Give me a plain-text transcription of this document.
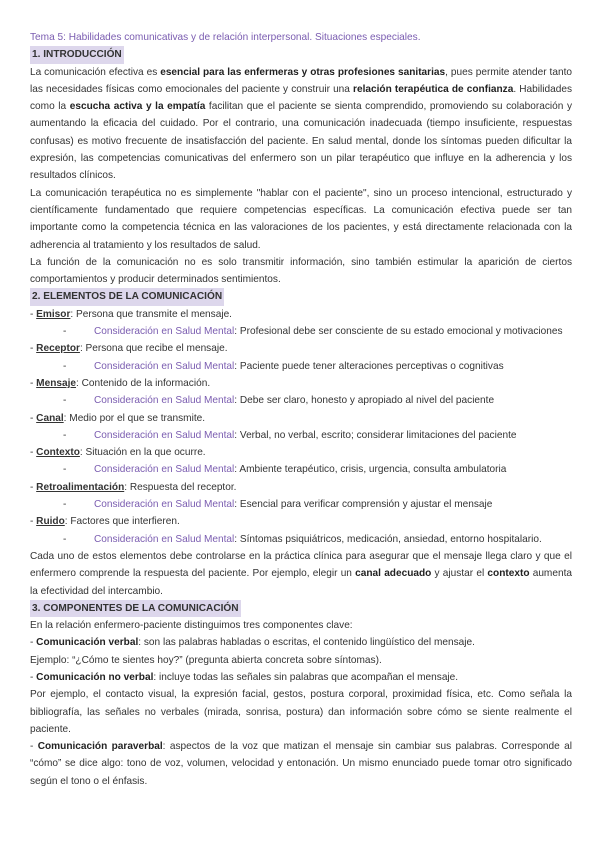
Tema 5: Habilidades comunicativas y de relación interpersonal. Situaciones especiales.
1. INTRODUCCIÓN

La comunicación efectiva es esencial para las enfermeras y otras profesiones sanitarias, pues permite atender tanto las necesidades físicas como emocionales del paciente y construir una relación terapéutica de confianza. Habilidades como la escucha activa y la empatía facilitan que el paciente se sienta comprendido, promoviendo su colaboración y aumentando la eficacia del cuidado. Por el contrario, una comunicación inadecuada (tiempo insuficiente, respuestas confusas) es motivo frecuente de insatisfacción del paciente. En salud mental, donde los síntomas pueden dificultar la expresión, las competencias comunicativas del enfermero son un pilar terapéutico que influye en la adherencia y los resultados clínicos.

La comunicación terapéutica no es simplemente "hablar con el paciente", sino un proceso intencional, estructurado y científicamente fundamentado que requiere competencias específicas. La comunicación efectiva puede ser tan importante como la competencia técnica en las valoraciones de los pacientes, y está directamente relacionada con la adherencia al tratamiento y los resultados de salud.

La función de la comunicación no es solo transmitir información, sino también estimular la aparición de ciertos comportamientos y producir determinados sentimientos.

2. ELEMENTOS DE LA COMUNICACIÓN
- Emisor: Persona que transmite el mensaje.
-	Consideración en Salud Mental: Profesional debe ser consciente de su estado emocional y motivaciones
- Receptor: Persona que recibe el mensaje.
-	Consideración en Salud Mental: Paciente puede tener alteraciones perceptivas o cognitivas
- Mensaje: Contenido de la información.
-	Consideración en Salud Mental: Debe ser claro, honesto y apropiado al nivel del paciente
- Canal: Medio por el que se transmite.
-	Consideración en Salud Mental: Verbal, no verbal, escrito; considerar limitaciones del paciente
- Contexto: Situación en la que ocurre.
-	Consideración en Salud Mental: Ambiente terapéutico, crisis, urgencia, consulta ambulatoria
- Retroalimentación: Respuesta del receptor.
-	Consideración en Salud Mental: Esencial para verificar comprensión y ajustar el mensaje
- Ruido: Factores que interfieren.
-	Consideración en Salud Mental: Síntomas psiquiátricos, medicación, ansiedad, entorno hospitalario.

Cada uno de estos elementos debe controlarse en la práctica clínica para asegurar que el mensaje llega claro y que el enfermero comprende la respuesta del paciente. Por ejemplo, elegir un canal adecuado y ajustar el contexto aumenta la efectividad del intercambio.

3. COMPONENTES DE LA COMUNICACIÓN

En la relación enfermero-paciente distinguimos tres componentes clave:

- Comunicación verbal: son las palabras habladas o escritas, el contenido lingüístico del mensaje.

Ejemplo: “¿Cómo te sientes hoy?” (pregunta abierta concreta sobre síntomas).

- Comunicación no verbal: incluye todas las señales sin palabras que acompañan el mensaje.

Por ejemplo, el contacto visual, la expresión facial, gestos, postura corporal, proximidad física, etc. Como señala la bibliografía, las señales no verbales (mirada, sonrisa, postura) dan información sobre cómo se siente realmente el paciente.

- Comunicación paraverbal: aspectos de la voz que matizan el mensaje sin cambiar sus palabras. Corresponde al “cómo” se dice algo: tono de voz, volumen, velocidad y entonación. Un mismo enunciado puede tomar otro significado según el tono o el énfasis.
